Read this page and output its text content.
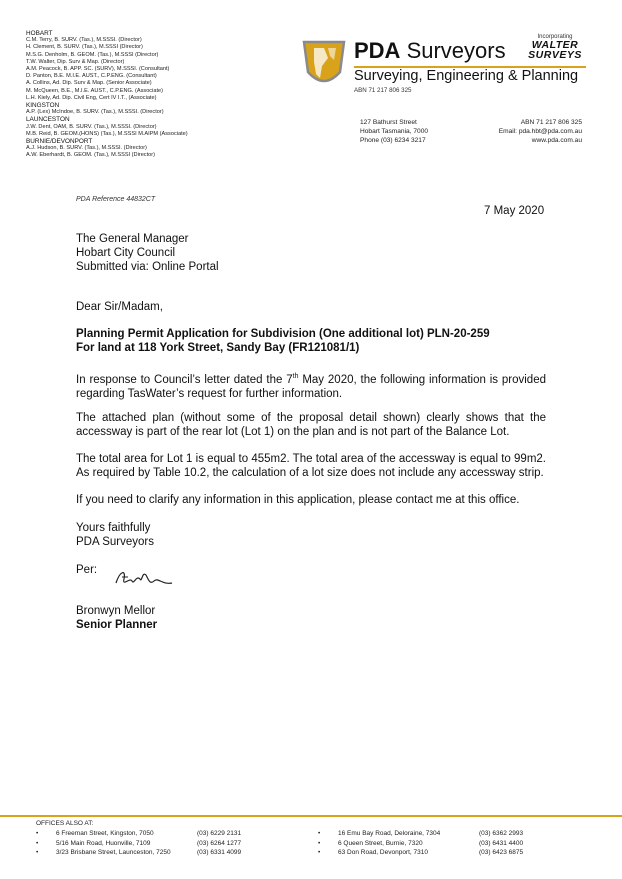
HOBART
C.M. Terry, B. SURV. (Tas.), M.SSSI. (Director)
H. Clement, B. SURV. (Tas.), M.SSSI (Director)
M.S.G. Denholm, B. GEOM. (Tas.), M.SSSI (Director)
T.W. Walter, Dip. Surv & Map. (Director)
A.M. Peacock, B. APP. SC. (SURV), M.SSSI. (Consultant)
D. Panton, B.E. M.I.E. AUST., C.P.ENG. (Consultant)
A. Collins, Ad. Dip. Surv & Map. (Senior Associate)
M. McQueen, B.E., M.I.E. AUST., C.P.ENG. (Associate)
L.H. Kiely, Ad. Dip. Civil Eng, Cert IV I.T., (Associate)
KINGSTON
A.P. (Lex) McIndoe, B. SURV. (Tas.), M.SSSI. (Director)
LAUNCESTON
J.W. Dent, OAM, B. SURV. (Tas.), M.SSSI. (Director)
M.B. Reid, B. GEOM.(HONS) (Tas.), M.SSSI M.AIPM (Associate)
BURNIE/DEVONPORT
A.J. Hudson, B. SURV. (Tas.), M.SSSI. (Director)
A.W. Eberhardt, B. GEOM. (Tas.), M.SSSI (Director)
PDA Surveyors
Surveying, Engineering & Planning
ABN 71 217 806 325
Incorporating
WALTER
SURVEYS
127 Bathurst Street
Hobart Tasmania, 7000
Phone (03) 6234 3217
ABN 71 217 806 325
Email: pda.hbt@pda.com.au
www.pda.com.au
PDA Reference 44832CT
7 May 2020
The General Manager
Hobart City Council
Submitted via: Online Portal
Dear Sir/Madam,
Planning Permit Application for Subdivision (One additional lot) PLN-20-259
For land at 118 York Street, Sandy Bay (FR121081/1)
In response to Council’s letter dated the 7th May 2020, the following information is provided regarding TasWater’s request for further information.
The attached plan (without some of the proposal detail shown) clearly shows that the accessway is part of the rear lot (Lot 1) on the plan and is not part of the Balance Lot.
The total area for Lot 1 is equal to 455m2. The total area of the accessway is equal to 99m2. As required by Table 10.2, the calculation of a lot size does not include any accessway strip.
If you need to clarify any information in this application, please contact me at this office.
Yours faithfully
PDA Surveyors
Per:
Bronwyn Mellor
Senior Planner
OFFICES ALSO AT:
•	6 Freeman Street, Kingston, 7050	(03) 6229 2131
•	5/16 Main Road, Huonville, 7109	(03) 6264 1277
•	3/23 Brisbane Street, Launceston, 7250	(03) 6331 4099
•	16 Emu Bay Road, Deloraine, 7304	(03) 6362 2993
•	6 Queen Street, Burnie, 7320	(03) 6431 4400
•	63 Don Road, Devonport, 7310	(03) 6423 6875
